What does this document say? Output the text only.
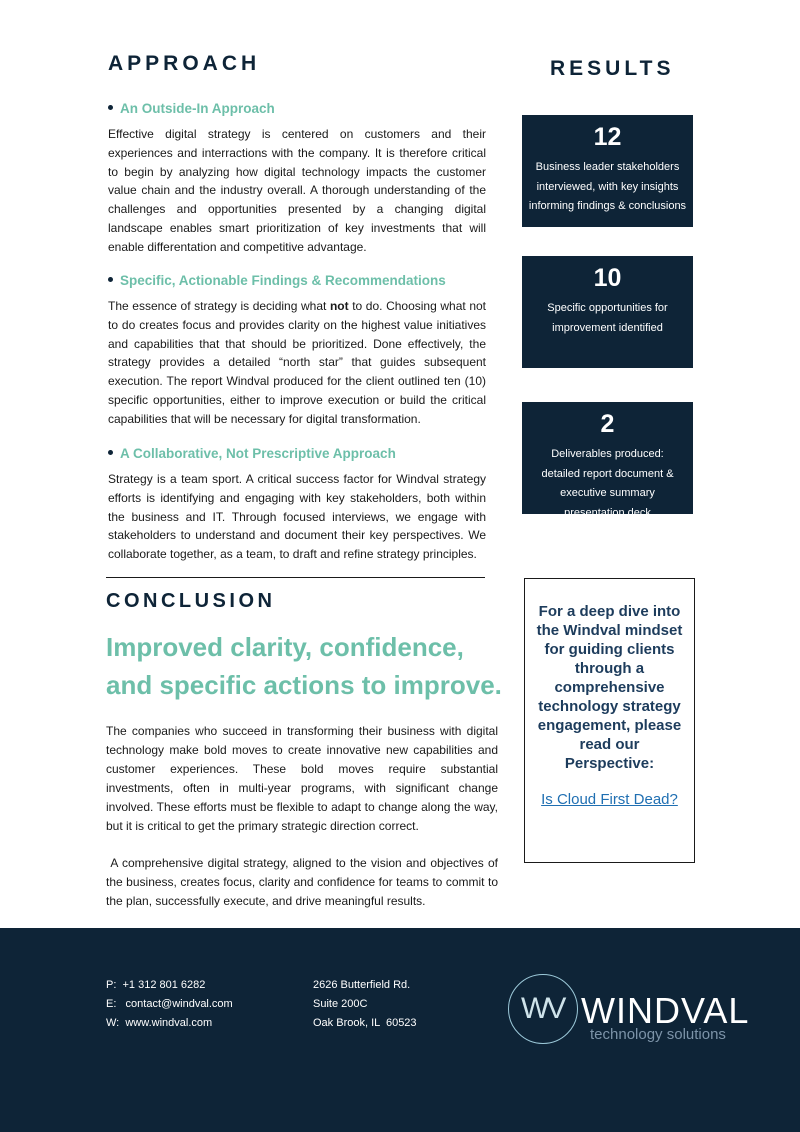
APPROACH
An Outside-In Approach

Effective digital strategy is centered on customers and their experiences and interractions with the company. It is therefore critical to begin by analyzing how digital technology impacts the customer value chain and the industry overall. A thorough understanding of the challenges and opportunities presented by a changing digital landscape enables smart prioritization of key investments that will enable differentation and competitive advantage.

Specific, Actionable Findings & Recommendations

The essence of strategy is deciding what not to do. Choosing what not to do creates focus and provides clarity on the highest value initiatives and capabilities that that should be prioritized. Done effectively, the strategy provides a detailed “north star” that guides subsequent execution. The report Windval produced for the client outlined ten (10) specific opportunities, either to improve execution or build the critical capabilities that will be necessary for digital transformation.

A Collaborative, Not Prescriptive Approach

Strategy is a team sport. A critical success factor for Windval strategy efforts is identifying and engaging with key stakeholders, both within the business and IT. Through focused interviews, we engage with stakeholders to understand and document their key perspectives. We collaborate together, as a team, to draft and refine strategy principles.

RESULTS
12
Business leader stakeholders interviewed, with key insights informing findings & conclusions
10
Specific opportunities for improvement identified
2
Deliverables produced: detailed report document & executive summary presentation deck
CONCLUSION
Improved clarity, confidence, and specific actions to improve.

The companies who succeed in transforming their business with digital technology make bold moves to create innovative new capabilities and customer experiences. These bold moves require substantial investments, often in multi-year programs, with significant change involved. These efforts must be flexible to adapt to change along the way, but it is critical to get the primary strategic direction correct.

A comprehensive digital strategy, aligned to the vision and objectives of the business, creates focus, clarity and confidence for teams to commit to the plan, successfully execute, and drive meaningful results.

For a deep dive into the Windval mindset for guiding clients through a comprehensive technology strategy engagement, please read our Perspective:
Is Cloud First Dead?
P:  +1 312 801 6282
E:   contact@windval.com
W:  www.windval.com
2626 Butterfield Rd.
Suite 200C
Oak Brook, IL  60523	WV WINDVAL
technology solutions
